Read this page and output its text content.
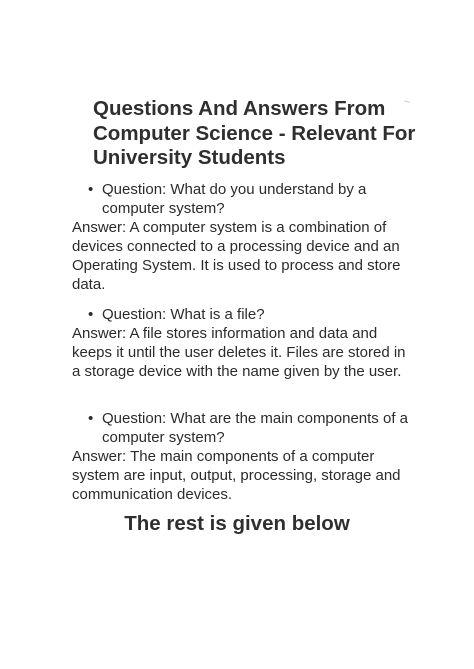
Questions And Answers From Computer Science - Relevant For University Students
• Question: What do you understand by a computer system?

Answer: A computer system is a combination of devices connected to a processing device and an Operating System. It is used to process and store data.

• Question: What is a file?

Answer: A file stores information and data and keeps it until the user deletes it. Files are stored in a storage device with the name given by the user.

• Question: What are the main components of a computer system?

Answer: The main components of a computer system are input, output, processing, storage and communication devices.

The rest is given below
